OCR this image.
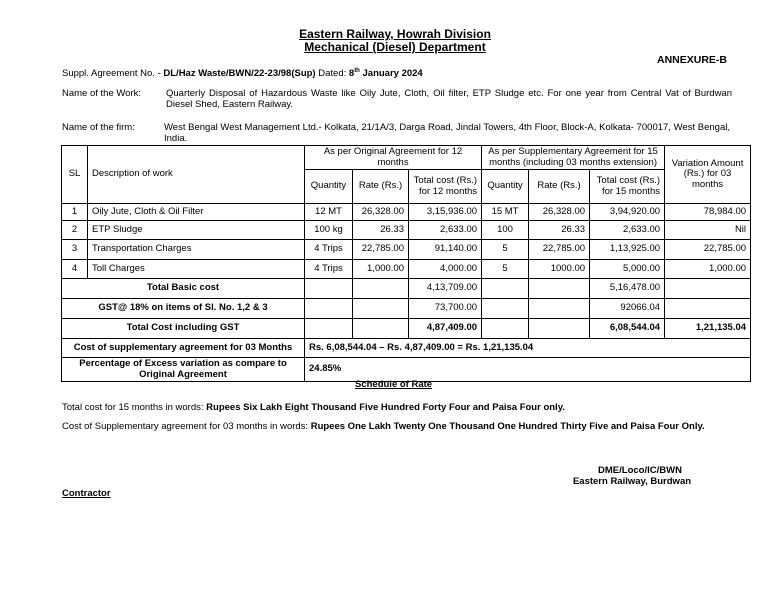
Eastern Railway, Howrah Division
Mechanical (Diesel) Department
ANNEXURE-B
Suppl. Agreement No. - DL/Haz Waste/BWN/22-23/98(Sup) Dated: 8th January 2024
Name of the Work:	Quarterly Disposal of Hazardous Waste like Oily Jute, Cloth, Oil filter, ETP Sludge etc. For one year from Central Vat of Burdwan Diesel Shed, Eastern Railway.
Name of the firm:	West Bengal West Management Ltd.- Kolkata, 21/1A/3, Darga Road, Jindal Towers, 4th Floor, Block-A, Kolkata- 700017, West Bengal, India.
SL	Description of work	As per Original Agreement for 12 months			As per Supplementary Agreement for 15 months (including 03 months extension)			Variation Amount (Rs.) for 03 months
		Quantity	Rate (Rs.)	Total cost (Rs.) for 12 months	Quantity	Rate (Rs.)	Total cost (Rs.) for 15 months	
1	Oily Jute, Cloth & Oil Filter	12 MT	26,328.00	3,15,936.00	15 MT	26,328.00	3,94,920.00	78,984.00
2	ETP Sludge	100 kg	26.33	2,633.00	100	26.33	2,633.00	Nil
3	Transportation Charges	4 Trips	22,785.00	91,140.00	5	22,785.00	1,13,925.00	22,785.00
4	Toll Charges	4 Trips	1,000.00	4,000.00	5	1000.00	5,000.00	1,000.00
Total Basic cost				4,13,709.00			5,16,478.00	
GST@ 18% on items of Sl. No. 1,2 & 3				73,700.00			92066.04	
Total Cost including GST				4,87,409.00			6,08,544.04	1,21,135.04
Cost of supplementary agreement for 03 Months		Rs. 6,08,544.04 – Rs. 4,87,409.00 = Rs. 1,21,135.04						
Percentage of Excess variation as compare to Original Agreement		24.85%						
Schedule of Rate
Total cost for 15 months in words: Rupees Six Lakh Eight Thousand Five Hundred Forty Four and Paisa Four only.
Cost of Supplementary agreement for 03 months in words: Rupees One Lakh Twenty One Thousand One Hundred Thirty Five and Paisa Four Only.
DME/Loco/IC/BWN
Eastern Railway, Burdwan
Contractor
